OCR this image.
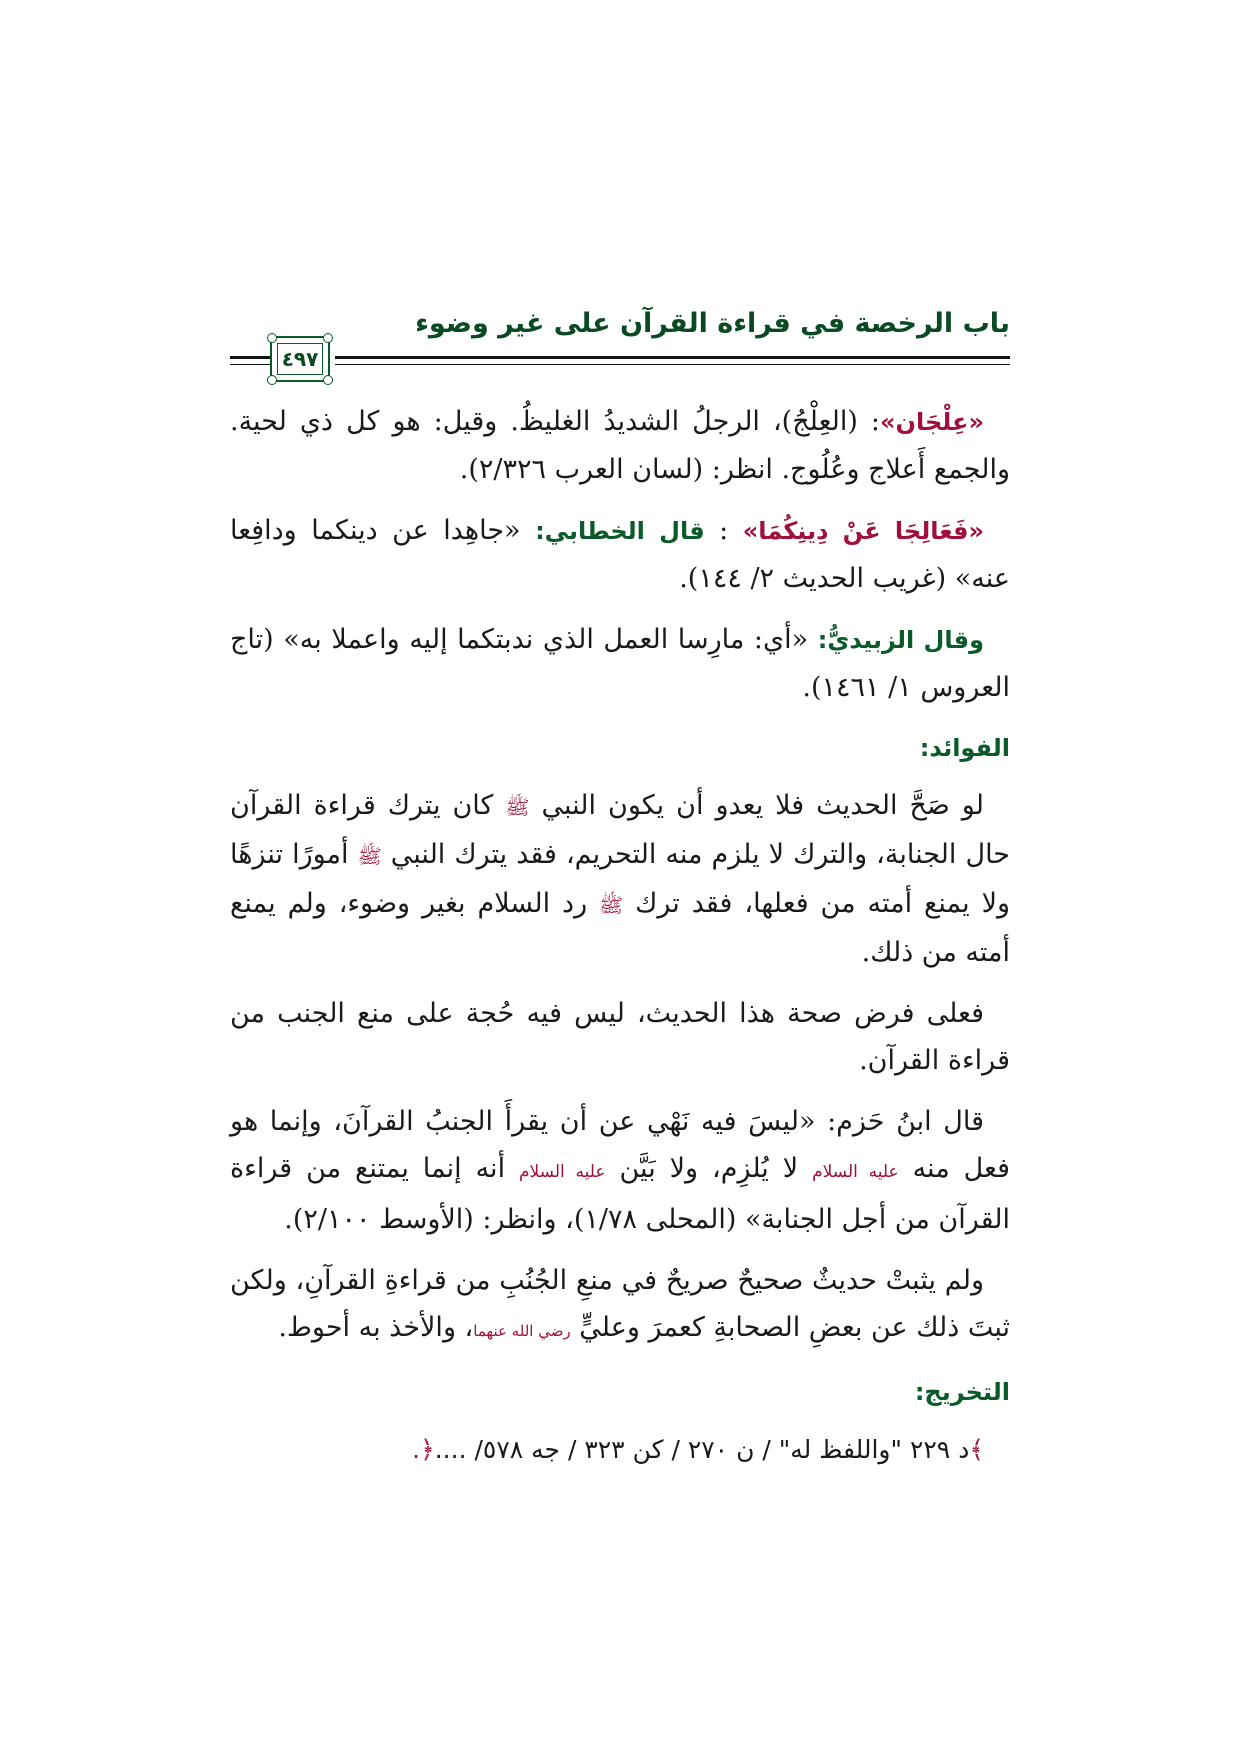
باب الرخصة في قراءة القرآن على غير وضوء
٤٩٧

«عِلْجَان»: (العِلْجُ)، الرجلُ الشديدُ الغليظُ. وقيل: هو كل ذي لحية. والجمع أَعلاج وعُلُوج. انظر: (لسان العرب ٢/٣٢٦).

«فَعَالِجَا عَنْ دِينِكُمَا» : قال الخطابي: «جاهِدا عن دينكما ودافِعا عنه» (غريب الحديث ٢/ ١٤٤).

وقال الزبيديُّ: «أي: مارِسا العمل الذي ندبتكما إليه واعملا به» (تاج العروس ١/ ١٤٦١).

الفوائد:

لو صَحَّ الحديث فلا يعدو أن يكون النبي ﷺ كان يترك قراءة القرآن حال الجنابة، والترك لا يلزم منه التحريم، فقد يترك النبي ﷺ أمورًا تنزهًا ولا يمنع أمته من فعلها، فقد ترك ﷺ رد السلام بغير وضوء، ولم يمنع أمته من ذلك.

فعلى فرض صحة هذا الحديث، ليس فيه حُجة على منع الجنب من قراءة القرآن.

قال ابنُ حَزم: «ليسَ فيه نَهْي عن أن يقرأَ الجنبُ القرآنَ، وإنما هو فعل منه عليه السلام لا يُلزِم، ولا بَيَّن عليه السلام أنه إنما يمتنع من قراءة القرآن من أجل الجنابة» (المحلى ١/٧٨)، وانظر: (الأوسط ٢/١٠٠).

ولم يثبتْ حديثٌ صحيحٌ صريحٌ في منعِ الجُنُبِ من قراءةِ القرآنِ، ولكن ثبتَ ذلك عن بعضِ الصحابةِ كعمرَ وعليٍّ رضي الله عنهما، والأخذ به أحوط.

التخريج:

﴾د ٢٢٩ "واللفظ له" / ن ٢٧٠ / كن ٣٢٣ / جه ٥٧٨/ ....﴿.
